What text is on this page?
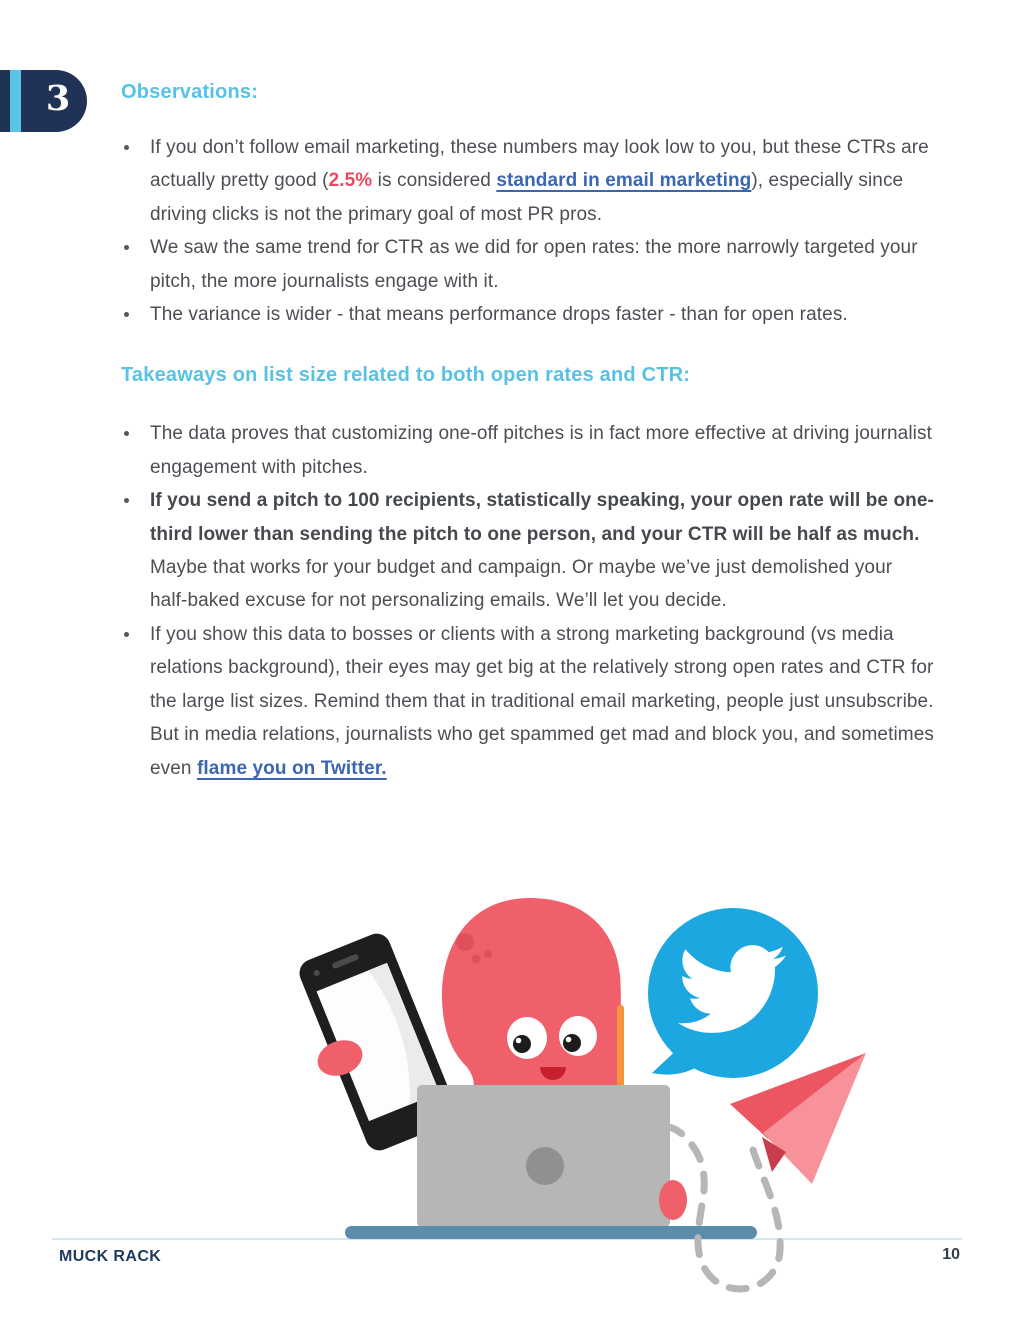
3	Observations:
If you don’t follow email marketing, these numbers may look low to you, but these CTRs are actually pretty good (2.5% is considered standard in email marketing), especially since driving clicks is not the primary goal of most PR pros.
We saw the same trend for CTR as we did for open rates: the more narrowly targeted your pitch, the more journalists engage with it.
The variance is wider - that means performance drops faster - than for open rates.
Takeaways on list size related to both open rates and CTR:
The data proves that customizing one-off pitches is in fact more effective at driving journalist engagement with pitches.
If you send a pitch to 100 recipients, statistically speaking, your open rate will be one-third lower than sending the pitch to one person, and your CTR will be half as much. Maybe that works for your budget and campaign. Or maybe we’ve just demolished your half-baked excuse for not personalizing emails. We’ll let you decide.
If you show this data to bosses or clients with a strong marketing background (vs media relations background), their eyes may get big at the relatively strong open rates and CTR for the large list sizes. Remind them that in traditional email marketing, people just unsubscribe. But in media relations, journalists who get spammed get mad and block you, and sometimes even flame you on Twitter.
MUCK RACK	10
